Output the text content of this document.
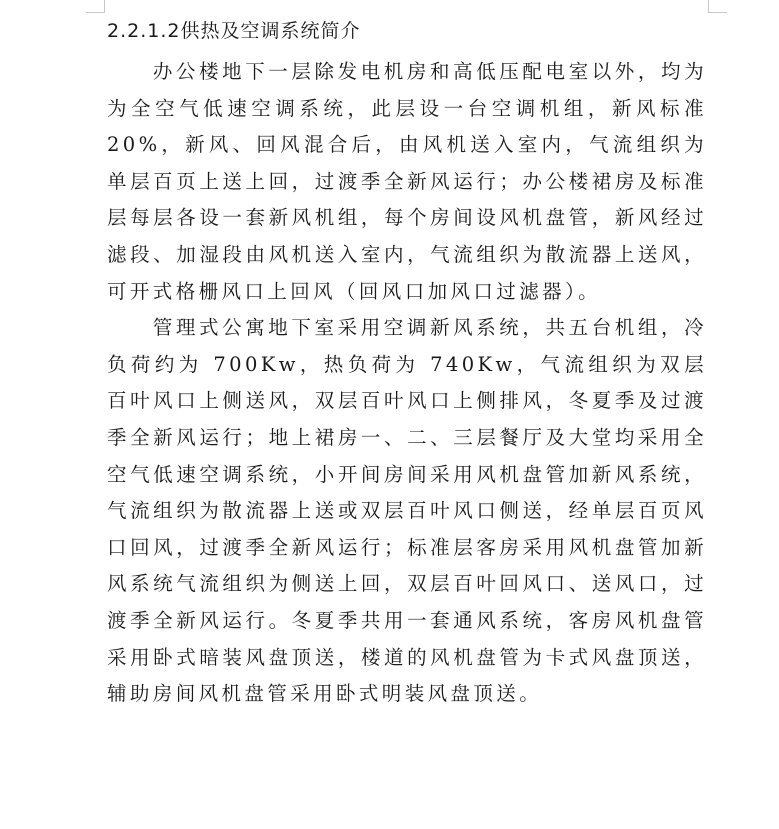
2.2.1.2供热及空调系统简介

办公楼地下一层除发电机房和高低压配电室以外，均为为全空气低速空调系统，此层设一台空调机组，新风标准 20%，新风、回风混合后，由风机送入室内，气流组织为单层百页上送上回，过渡季全新风运行；办公楼裙房及标准层每层各设一套新风机组，每个房间设风机盘管，新风经过滤段、加湿段由风机送入室内，气流组织为散流器上送风，可开式格栅风口上回风（回风口加风口过滤器）。

管理式公寓地下室采用空调新风系统，共五台机组，冷负荷约为 700Kw，热负荷为 740Kw，气流组织为双层百叶风口上侧送风，双层百叶风口上侧排风，冬夏季及过渡季全新风运行；地上裙房一、二、三层餐厅及大堂均采用全空气低速空调系统，小开间房间采用风机盘管加新风系统，气流组织为散流器上送或双层百叶风口侧送，经单层百页风口回风，过渡季全新风运行；标准层客房采用风机盘管加新风系统气流组织为侧送上回，双层百叶回风口、送风口，过渡季全新风运行。冬夏季共用一套通风系统，客房风机盘管采用卧式暗装风盘顶送，楼道的风机盘管为卡式风盘顶送，辅助房间风机盘管采用卧式明装风盘顶送。
